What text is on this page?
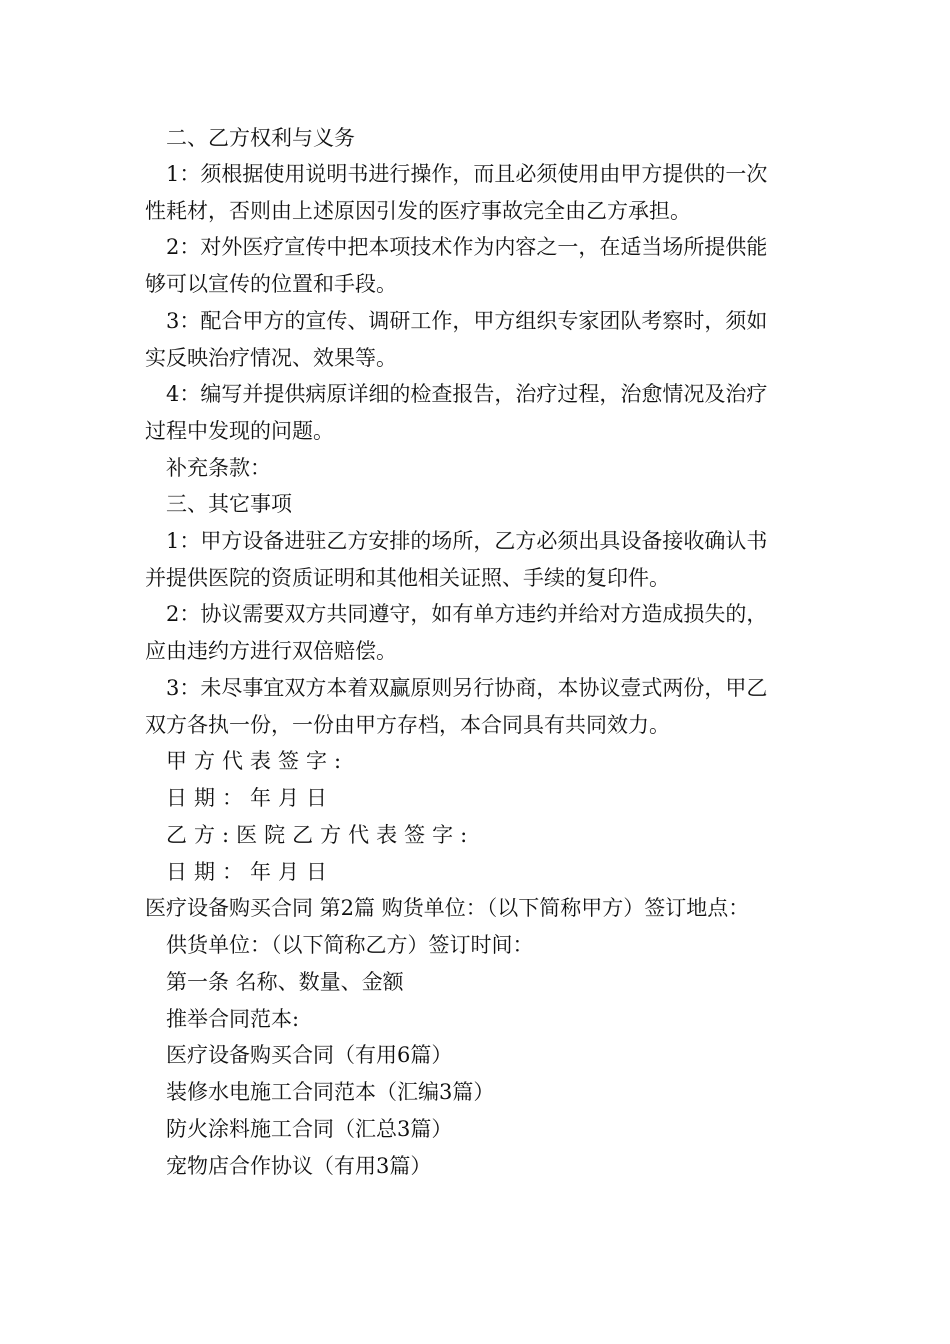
二、乙方权利与义务
1：须根据使用说明书进行操作，而且必须使用由甲方提供的一次
性耗材，否则由上述原因引发的医疗事故完全由乙方承担。
2：对外医疗宣传中把本项技术作为内容之一，在适当场所提供能
够可以宣传的位置和手段。
3：配合甲方的宣传、调研工作，甲方组织专家团队考察时，须如
实反映治疗情况、效果等。
4：编写并提供病原详细的检查报告，治疗过程，治愈情况及治疗
过程中发现的问题。
补充条款：
三、其它事项
1：甲方设备进驻乙方安排的场所，乙方必须出具设备接收确认书
并提供医院的资质证明和其他相关证照、手续的复印件。
2：协议需要双方共同遵守，如有单方违约并给对方造成损失的，
应由违约方进行双倍赔偿。
3：未尽事宜双方本着双赢原则另行协商，本协议壹式两份，甲乙
双方各执一份，一份由甲方存档，本合同具有共同效力。
甲方代表签字:
日期：年月日
乙方:医院乙方代表签字:
日期：年月日
医疗设备购买合同 第2篇 购货单位：（以下简称甲方）签订地点：
供货单位：（以下简称乙方）签订时间：
第一条 名称、数量、金额
推举合同范本:
医疗设备购买合同（有用6篇）
装修水电施工合同范本（汇编3篇）
防火涂料施工合同（汇总3篇）
宠物店合作协议（有用3篇）
